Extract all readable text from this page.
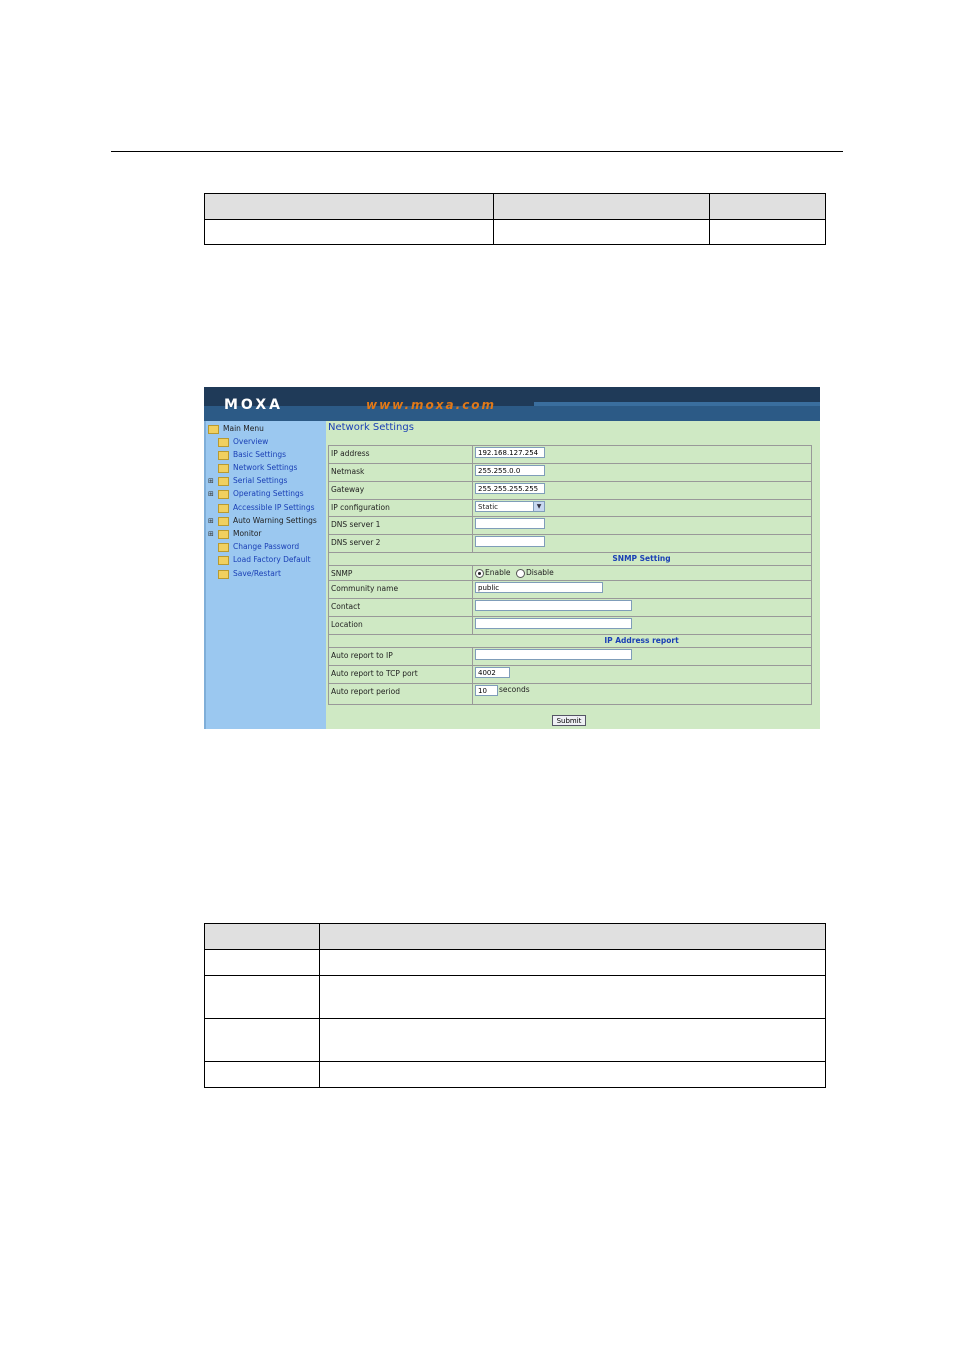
MOXA	www.moxa.com
Main Menu
Overview
Basic Settings
Network Settings
⊞	Serial Settings
⊞	Operating Settings
Accessible IP Settings
⊞	Auto Warning Settings
⊞	Monitor
Change Password
Load Factory Default
Save/Restart
Network Settings
IP address	192.168.127.254
Netmask	255.255.0.0
Gateway	255.255.255.255
IP configuration	Static	▼
DNS server 1
DNS server 2
SNMP Setting
SNMP	Enable Disable
Community name	public
Contact
Location
IP Address report
Auto report to IP
Auto report to TCP port	4002
Auto report period	10 seconds
Submit
